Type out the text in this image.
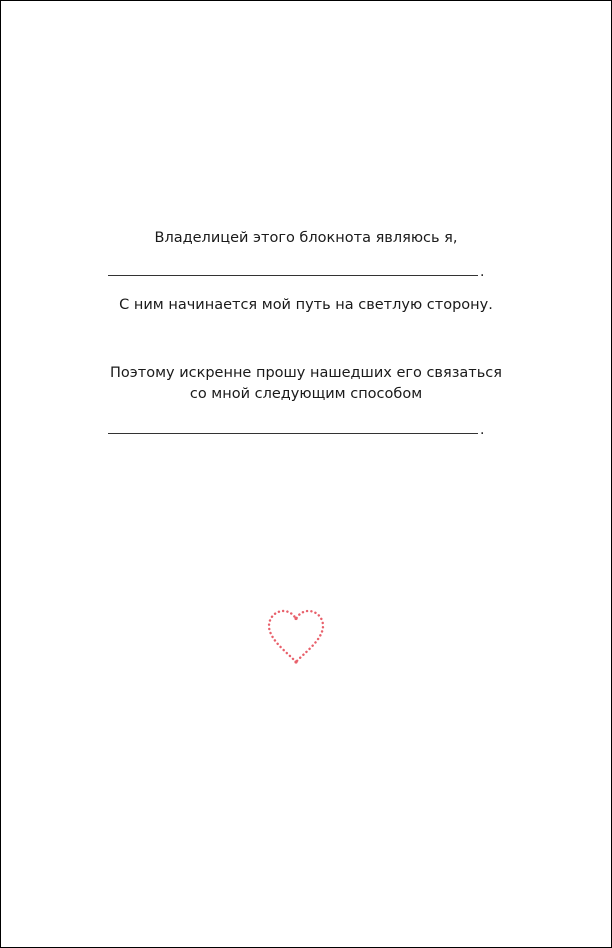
Владелицей этого блокнота являюсь я,
.
С ним начинается мой путь на светлую сторону.
Поэтому искренне прошу нашедших его связаться
со мной следующим способом
.
